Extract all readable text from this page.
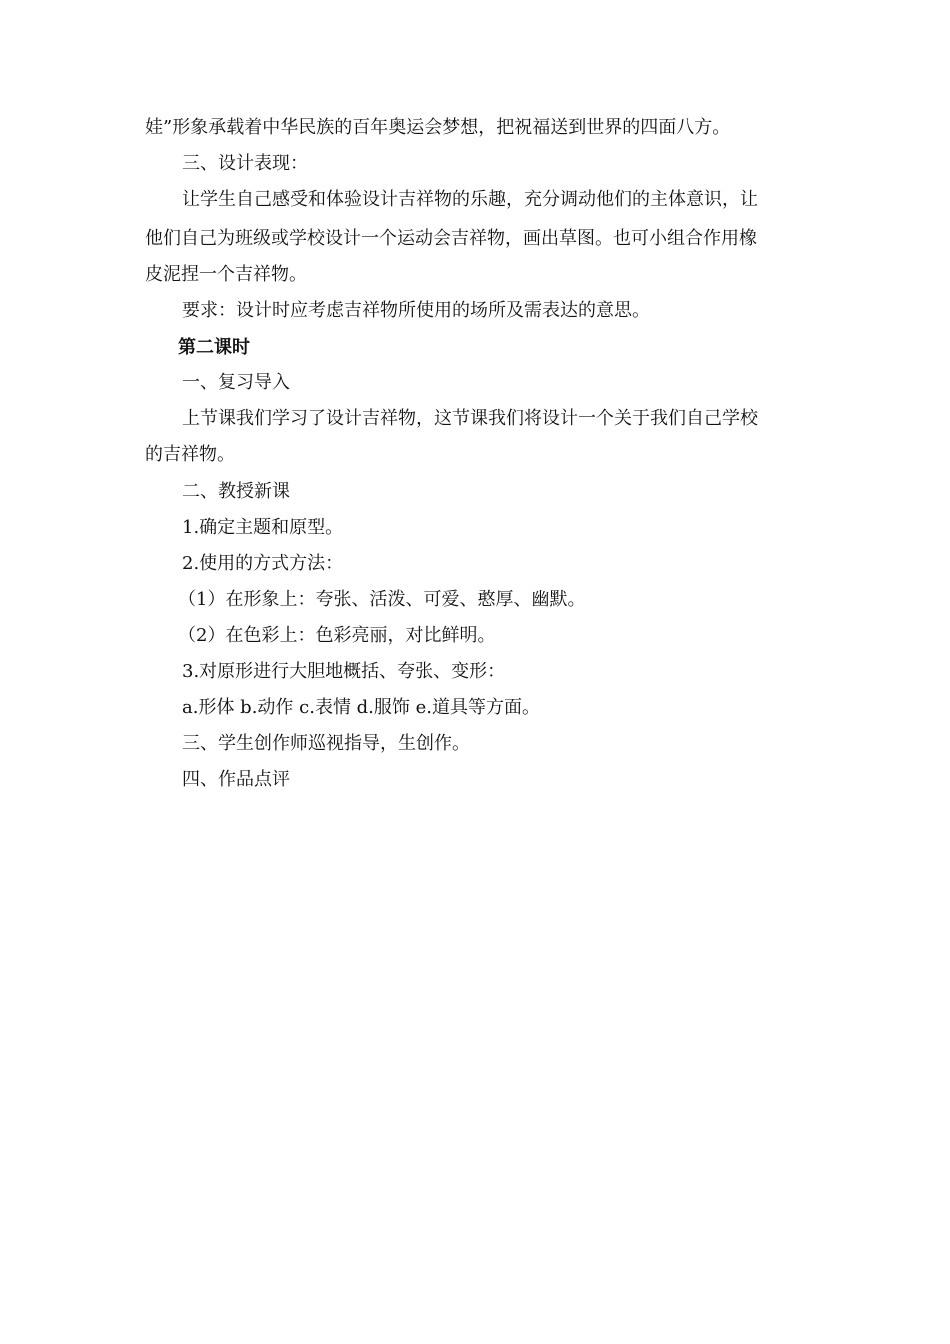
娃”形象承载着中华民族的百年奥运会梦想，把祝福送到世界的四面八方。
三、设计表现：
让学生自己感受和体验设计吉祥物的乐趣，充分调动他们的主体意识，让
他们自己为班级或学校设计一个运动会吉祥物，画出草图。也可小组合作用橡
皮泥捏一个吉祥物。
要求：设计时应考虑吉祥物所使用的场所及需表达的意思。
第二课时
一、复习导入
上节课我们学习了设计吉祥物，这节课我们将设计一个关于我们自己学校
的吉祥物。
二、教授新课
1.确定主题和原型。
2.使用的方式方法：
（1）在形象上：夸张、活泼、可爱、憨厚、幽默。
（2）在色彩上：色彩亮丽，对比鲜明。
3.对原形进行大胆地概括、夸张、变形：
a.形体 b.动作 c.表情 d.服饰 e.道具等方面。
三、学生创作师巡视指导，生创作。
四、作品点评
